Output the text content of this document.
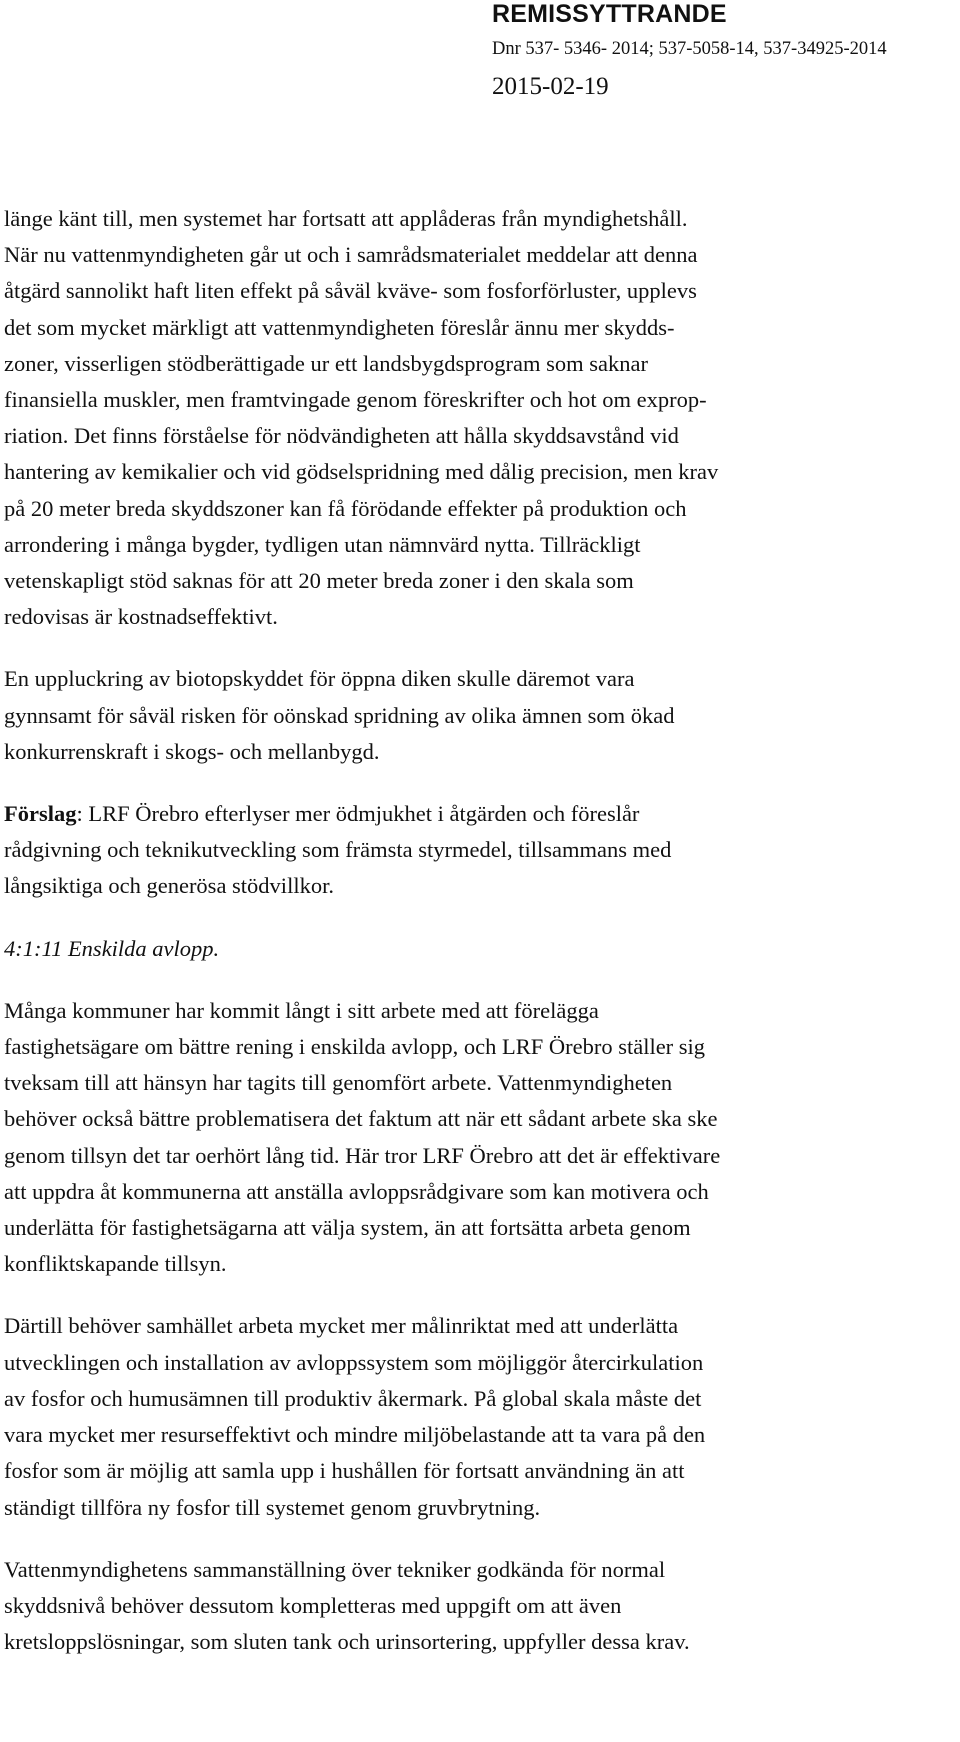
REMISSYTTRANDE
Dnr 537- 5346- 2014; 537-5058-14, 537-34925-2014
2015-02-19

länge känt till, men systemet har fortsatt att applåderas från myndighetshåll.
När nu vattenmyndigheten går ut och i samrådsmaterialet meddelar att denna
åtgärd sannolikt haft liten effekt på såväl kväve- som fosforförluster, upplevs
det som mycket märkligt att vattenmyndigheten föreslår ännu mer skydds-
zoner, visserligen stödberättigade ur ett landsbygdsprogram som saknar
finansiella muskler, men framtvingade genom föreskrifter och hot om exprop-
riation. Det finns förståelse för nödvändigheten att hålla skyddsavstånd vid
hantering av kemikalier och vid gödselspridning med dålig precision, men krav
på 20 meter breda skyddszoner kan få förödande effekter på produktion och
arrondering i många bygder, tydligen utan nämnvärd nytta. Tillräckligt
vetenskapligt stöd saknas för att 20 meter breda zoner i den skala som
redovisas är kostnadseffektivt.

En uppluckring av biotopskyddet för öppna diken skulle däremot vara
gynnsamt för såväl risken för oönskad spridning av olika ämnen som ökad
konkurrenskraft i skogs- och mellanbygd.

Förslag: LRF Örebro efterlyser mer ödmjukhet i åtgärden och föreslår
rådgivning och teknikutveckling som främsta styrmedel, tillsammans med
långsiktiga och generösa stödvillkor.

4:1:11 Enskilda avlopp.

Många kommuner har kommit långt i sitt arbete med att förelägga
fastighetsägare om bättre rening i enskilda avlopp, och LRF Örebro ställer sig
tveksam till att hänsyn har tagits till genomfört arbete. Vattenmyndigheten
behöver också bättre problematisera det faktum att när ett sådant arbete ska ske
genom tillsyn det tar oerhört lång tid. Här tror LRF Örebro att det är effektivare
att uppdra åt kommunerna att anställa avloppsrådgivare som kan motivera och
underlätta för fastighetsägarna att välja system, än att fortsätta arbeta genom
konfliktskapande tillsyn.

Därtill behöver samhället arbeta mycket mer målinriktat med att underlätta
utvecklingen och installation av avloppssystem som möjliggör återcirkulation
av fosfor och humusämnen till produktiv åkermark. På global skala måste det
vara mycket mer resurseffektivt och mindre miljöbelastande att ta vara på den
fosfor som är möjlig att samla upp i hushållen för fortsatt användning än att
ständigt tillföra ny fosfor till systemet genom gruvbrytning.

Vattenmyndighetens sammanställning över tekniker godkända för normal
skyddsnivå behöver dessutom kompletteras med uppgift om att även
kretsloppslösningar, som sluten tank och urinsortering, uppfyller dessa krav.
